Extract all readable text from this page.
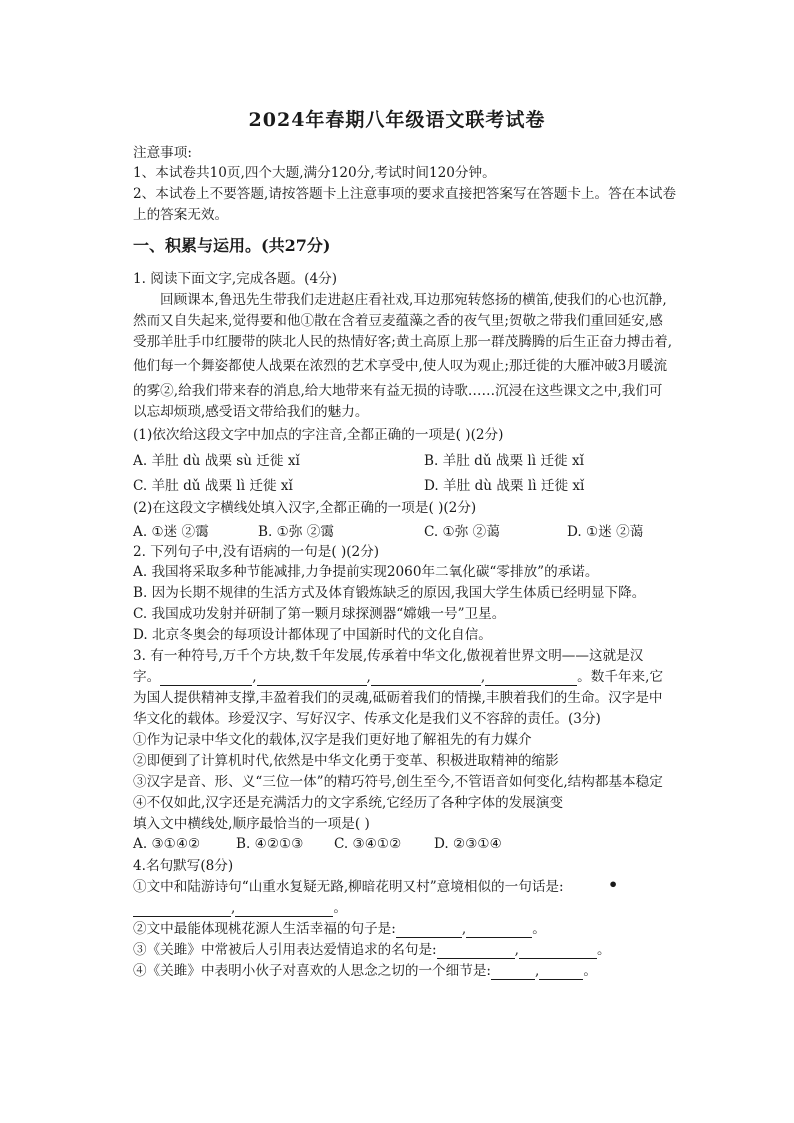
2024年春期八年级语文联考试卷
注意事项:
1、本试卷共10页,四个大题,满分120分,考试时间120分钟。
2、本试卷上不要答题,请按答题卡上注意事项的要求直接把答案写在答题卡上。答在本试卷
上的答案无效。
一、积累与运用。(共27分)
1. 阅读下面文字,完成各题。(4分)
回顾课本,鲁迅先生带我们走进赵庄看社戏,耳边那宛转悠扬的横笛,使我们的心也沉静,
然而又自失起来,觉得要和他①散在含着豆麦蕴藻之香的夜气里;贺敬之带我们重回延安,感
受那羊肚手巾红腰带的陕北人民的热情好客;黄土高原上那一群茂腾腾的后生正奋力搏击着,
他们每一个舞姿都使人战栗在浓烈的艺术享受中,使人叹为观止;那迁徙的大雁冲破3月暖流
的雾②,给我们带来春的消息,给大地带来有益无损的诗歌……沉浸在这些课文之中,我们可
以忘却烦琐,感受语文带给我们的魅力。
(1)依次给这段文字中加点的字注音,全都正确的一项是( )(2分)
A. 羊肚 dù 战栗 sù 迁徙 xǐ	B. 羊肚 dǔ 战栗 lì 迁徙 xǐ
C. 羊肚 dǔ 战栗 lì 迁徙 xǐ	D. 羊肚 dù 战栗 lì 迁徙 xǐ
(2)在这段文字横线处填入汉字,全都正确的一项是( )(2分)
A. ①迷 ②霭	B. ①弥 ②霭	C. ①弥 ②蔼	D. ①迷 ②蔼
2. 下列句子中,没有语病的一句是( )(2分)
A. 我国将采取多种节能减排,力争提前实现2060年二氧化碳“零排放”的承诺。
B. 因为长期不规律的生活方式及体育锻炼缺乏的原因,我国大学生体质已经明显下降。
C. 我国成功发射并研制了第一颗月球探测器“嫦娥一号”卫星。
D. 北京冬奥会的每项设计都体现了中国新时代的文化自信。
3. 有一种符号,万千个方块,数千年发展,传承着中华文化,傲视着世界文明——这就是汉
字。	,	,	,	。数千年来,它
为国人提供精神支撑,丰盈着我们的灵魂,砥砺着我们的情操,丰腴着我们的生命。汉字是中
华文化的载体。珍爱汉字、写好汉字、传承文化是我们义不容辞的责任。(3分)
①作为记录中华文化的载体,汉字是我们更好地了解祖先的有力媒介
②即便到了计算机时代,依然是中华文化勇于变革、积极进取精神的缩影
③汉字是音、形、义“三位一体”的精巧符号,创生至今,不管语音如何变化,结构都基本稳定
④不仅如此,汉字还是充满活力的文字系统,它经历了各种字体的发展演变
填入文中横线处,顺序最恰当的一项是( )
A. ③①④②	B. ④②①③ C. ③④①② D. ②③①④
4.名句默写(8分)
①文中和陆游诗句“山重水复疑无路,柳暗花明又村”意境相似的一句话是:
,	。
②文中最能体现桃花源人生活幸福的句子是:	,	。
③《关雎》中常被后人引用表达爱情追求的名句是:	,	。
④《关雎》中表明小伙子对喜欢的人思念之切的一个细节是:	,	。
•
